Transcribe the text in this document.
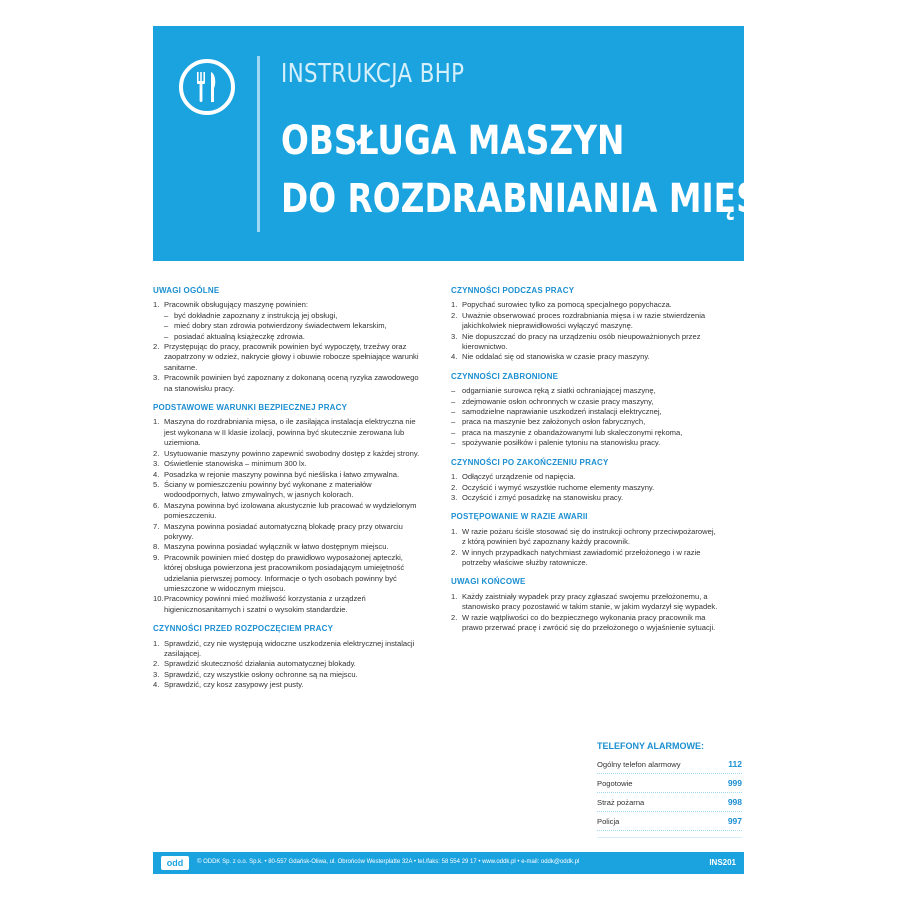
INSTRUKCJA BHP
OBSŁUGA MASZYN
DO ROZDRABNIANIA MIĘSA
UWAGI OGÓLNE
1. Pracownik obsługujący maszynę powinien:
– być dokładnie zapoznany z instrukcją jej obsługi,
– mieć dobry stan zdrowia potwierdzony świadectwem lekarskim,
– posiadać aktualną książeczkę zdrowia.
2. Przystępując do pracy, pracownik powinien być wypoczęty, trzeźwy oraz zaopatrzony w odzież, nakrycie głowy i obuwie robocze spełniające warunki sanitarne.
3. Pracownik powinien być zapoznany z dokonaną oceną ryzyka zawodowego na stanowisku pracy.
PODSTAWOWE WARUNKI BEZPIECZNEJ PRACY
1. Maszyna do rozdrabniania mięsa, o ile zasilająca instalacja elektryczna nie jest wykonana w II klasie izolacji, powinna być skutecznie zerowana lub uziemiona.
2. Usytuowanie maszyny powinno zapewnić swobodny dostęp z każdej strony.
3. Oświetlenie stanowiska – minimum 300 lx.
4. Posadzka w rejonie maszyny powinna być nieśliska i łatwo zmywalna.
5. Ściany w pomieszczeniu powinny być wykonane z materiałów wodoodpornych, łatwo zmywalnych, w jasnych kolorach.
6. Maszyna powinna być izolowana akustycznie lub pracować w wydzielonym pomieszczeniu.
7. Maszyna powinna posiadać automatyczną blokadę pracy przy otwarciu pokrywy.
8. Maszyna powinna posiadać wyłącznik w łatwo dostępnym miejscu.
9. Pracownik powinien mieć dostęp do prawidłowo wyposażonej apteczki, której obsługa powierzona jest pracownikom posiadającym umiejętność udzielania pierwszej pomocy. Informacje o tych osobach powinny być umieszczone w widocznym miejscu.
10. Pracownicy powinni mieć możliwość korzystania z urządzeń higienicznosanitarnych i szatni o wysokim standardzie.
CZYNNOŚCI PRZED ROZPOCZĘCIEM PRACY
1. Sprawdzić, czy nie występują widoczne uszkodzenia elektrycznej instalacji zasilającej.
2. Sprawdzić skuteczność działania automatycznej blokady.
3. Sprawdzić, czy wszystkie osłony ochronne są na miejscu.
4. Sprawdzić, czy kosz zasypowy jest pusty.
CZYNNOŚCI PODCZAS PRACY
1. Popychać surowiec tylko za pomocą specjalnego popychacza.
2. Uważnie obserwować proces rozdrabniania mięsa i w razie stwierdzenia jakichkolwiek nieprawidłowości wyłączyć maszynę.
3. Nie dopuszczać do pracy na urządzeniu osób nieupoważnionych przez kierownictwo.
4. Nie oddalać się od stanowiska w czasie pracy maszyny.
CZYNNOŚCI ZABRONIONE
– odgarnianie surowca ręką z siatki ochraniającej maszynę,
– zdejmowanie osłon ochronnych w czasie pracy maszyny,
– samodzielne naprawianie uszkodzeń instalacji elektrycznej,
– praca na maszynie bez założonych osłon fabrycznych,
– praca na maszynie z obandażowanymi lub skaleczonymi rękoma,
– spożywanie posiłków i palenie tytoniu na stanowisku pracy.
CZYNNOŚCI PO ZAKOŃCZENIU PRACY
1. Odłączyć urządzenie od napięcia.
2. Oczyścić i wymyć wszystkie ruchome elementy maszyny.
3. Oczyścić i zmyć posadzkę na stanowisku pracy.
POSTĘPOWANIE W RAZIE AWARII
1. W razie pożaru ściśle stosować się do instrukcji ochrony przeciwpożarowej, z którą powinien być zapoznany każdy pracownik.
2. W innych przypadkach natychmiast zawiadomić przełożonego i w razie potrzeby właściwe służby ratownicze.
UWAGI KOŃCOWE
1. Każdy zaistniały wypadek przy pracy zgłaszać swojemu przełożonemu, a stanowisko pracy pozostawić w takim stanie, w jakim wydarzył się wypadek.
2. W razie wątpliwości co do bezpiecznego wykonania pracy pracownik ma prawo przerwać pracę i zwrócić się do przełożonego o wyjaśnienie sytuacji.
TELEFONY ALARMOWE:
Ogólny telefon alarmowy	112
Pogotowie	999
Straż pożarna	998
Policja	997
odd	© ODDK Sp. z o.o. Sp.k. • 80-557 Gdańsk-Oliwa, ul. Obrońców Westerplatte 32A • tel./faks: 58 554 29 17 • www.oddk.pl • e-mail: oddk@oddk.pl	INS201
